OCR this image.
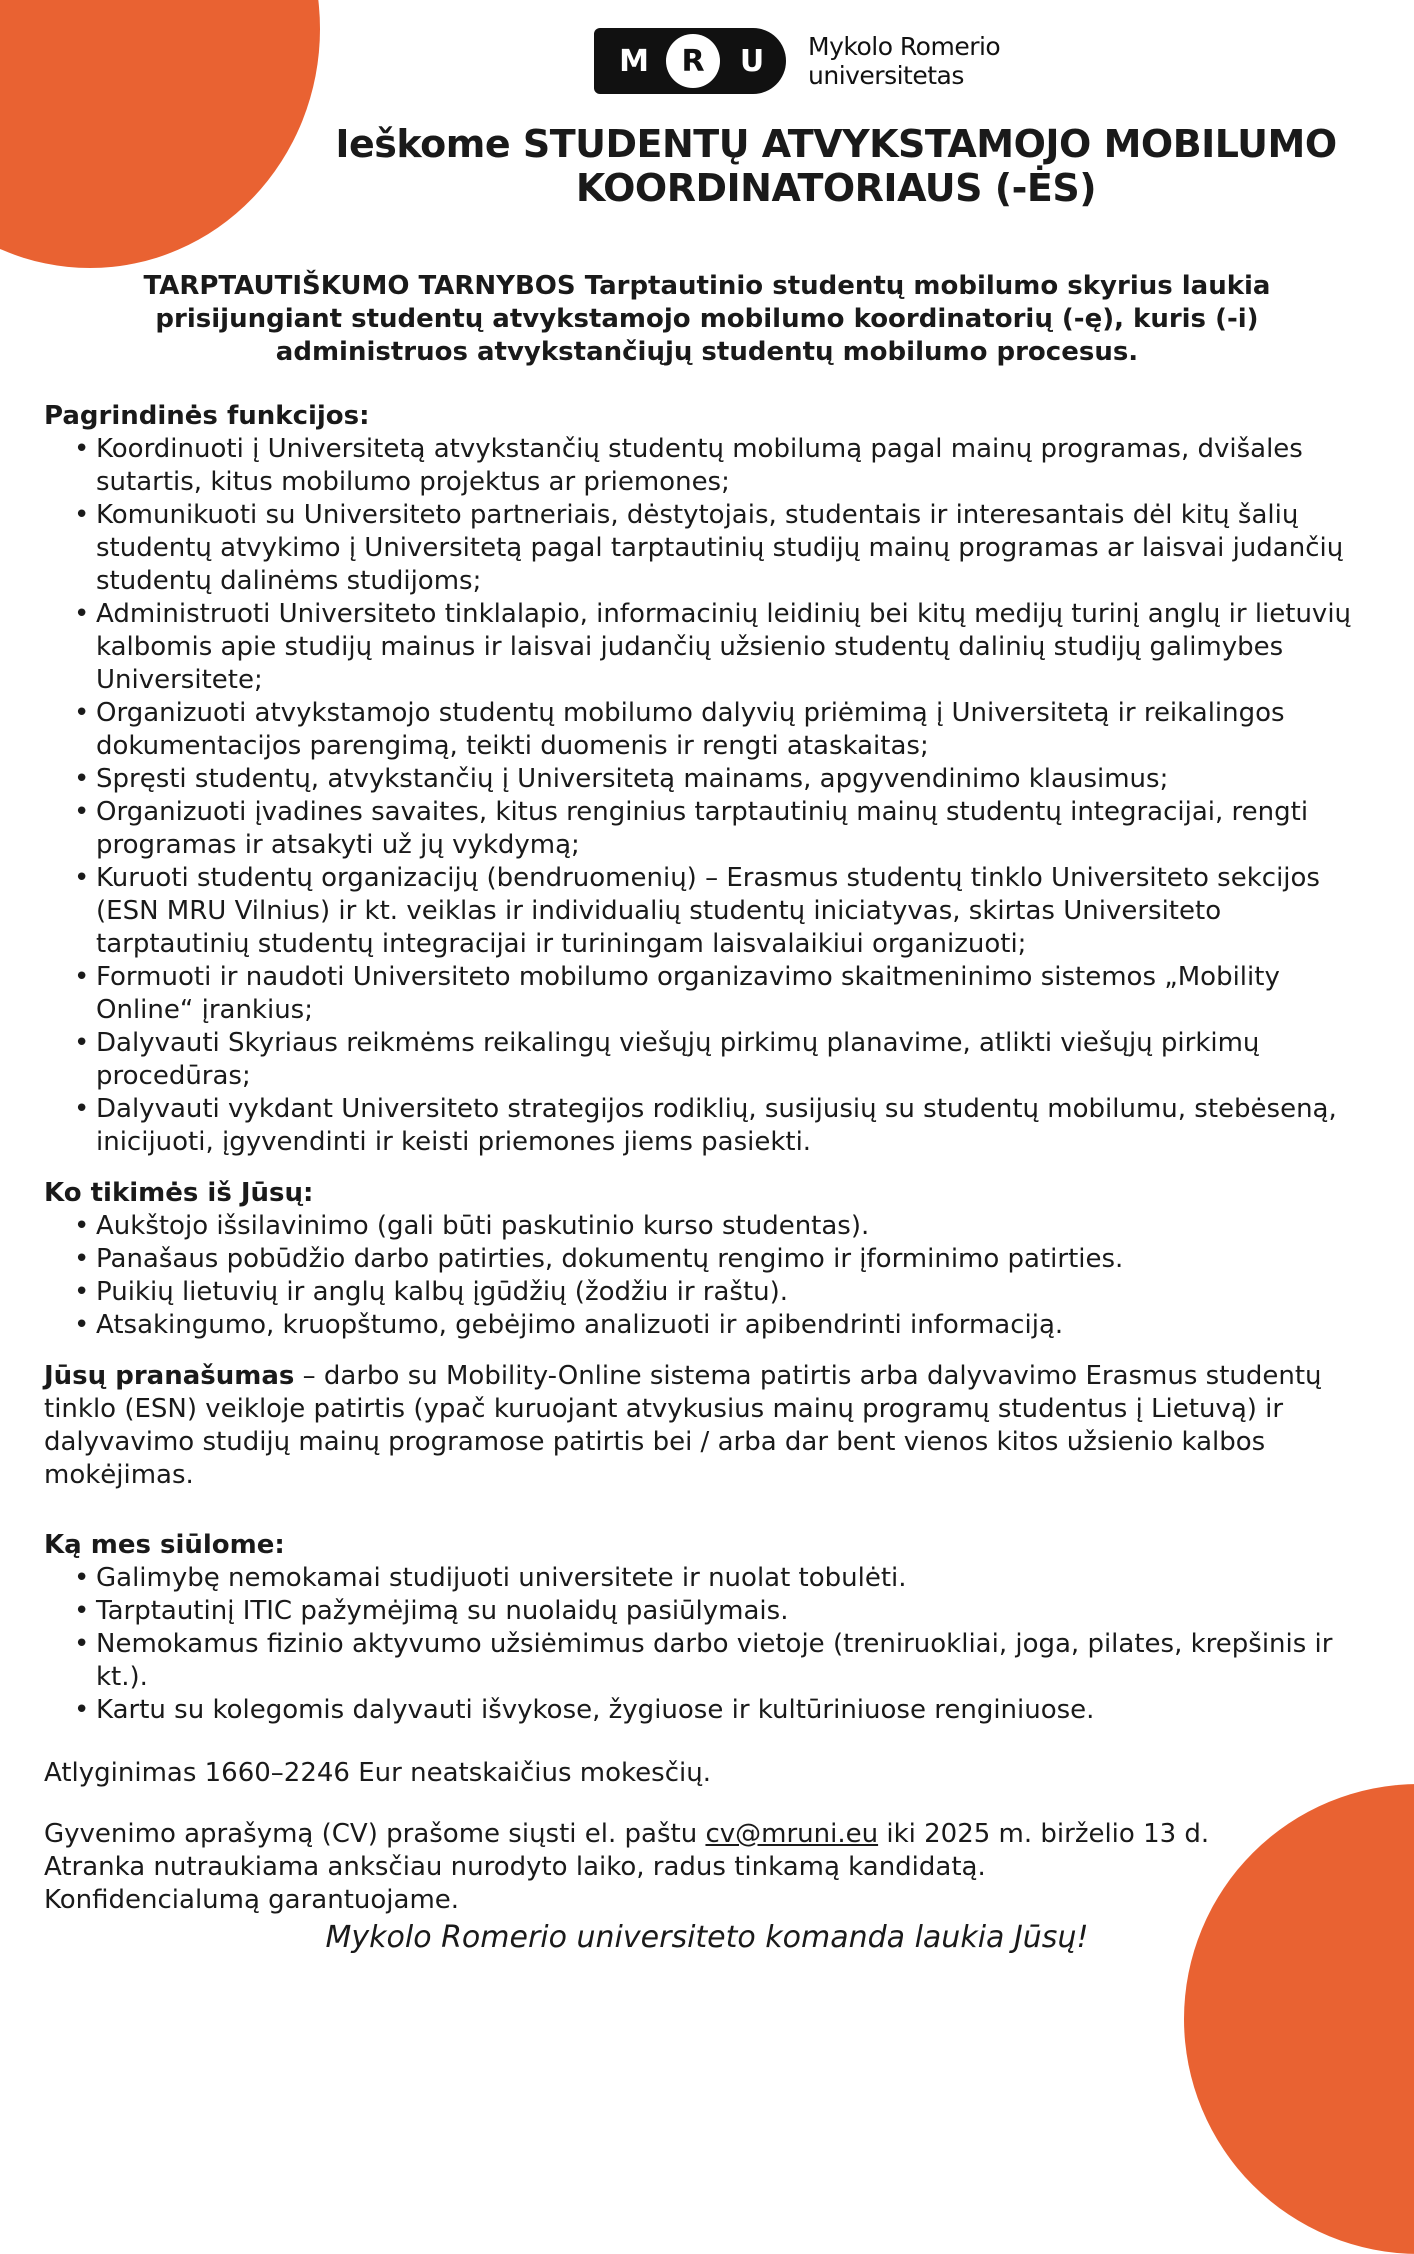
M	R	U	Mykolo Romerio
universitetas
Ieškome STUDENTŲ ATVYKSTAMOJO MOBILUMO
KOORDINATORIAUS (-ĖS)
TARPTAUTIŠKUMO TARNYBOS Tarptautinio studentų mobilumo skyrius laukia
prisijungiant studentų atvykstamojo mobilumo koordinatorių (-ę), kuris (-i)
administruos atvykstančiųjų studentų mobilumo procesus.

Pagrindinės funkcijos:

• Koordinuoti į Universitetą atvykstančių studentų mobilumą pagal mainų programas, dvišales sutartis, kitus mobilumo projektus ar priemones;
• Komunikuoti su Universiteto partneriais, dėstytojais, studentais ir interesantais dėl kitų šalių studentų atvykimo į Universitetą pagal tarptautinių studijų mainų programas ar laisvai judančių studentų dalinėms studijoms;
• Administruoti Universiteto tinklalapio, informacinių leidinių bei kitų medijų turinį anglų ir lietuvių kalbomis apie studijų mainus ir laisvai judančių užsienio studentų dalinių studijų galimybes Universitete;
• Organizuoti atvykstamojo studentų mobilumo dalyvių priėmimą į Universitetą ir reikalingos dokumentacijos parengimą, teikti duomenis ir rengti ataskaitas;
• Spręsti studentų, atvykstančių į Universitetą mainams, apgyvendinimo klausimus;
• Organizuoti įvadines savaites, kitus renginius tarptautinių mainų studentų integracijai, rengti programas ir atsakyti už jų vykdymą;
• Kuruoti studentų organizacijų (bendruomenių) – Erasmus studentų tinklo Universiteto sekcijos (ESN MRU Vilnius) ir kt. veiklas ir individualių studentų iniciatyvas, skirtas Universiteto tarptautinių studentų integracijai ir turiningam laisvalaikiui organizuoti;
• Formuoti ir naudoti Universiteto mobilumo organizavimo skaitmeninimo sistemos „Mobility Online“ įrankius;
• Dalyvauti Skyriaus reikmėms reikalingų viešųjų pirkimų planavime, atlikti viešųjų pirkimų procedūras;
• Dalyvauti vykdant Universiteto strategijos rodiklių, susijusių su studentų mobilumu, stebėseną, inicijuoti, įgyvendinti ir keisti priemones jiems pasiekti.

Ko tikimės iš Jūsų:

• Aukštojo išsilavinimo (gali būti paskutinio kurso studentas).
• Panašaus pobūdžio darbo patirties, dokumentų rengimo ir įforminimo patirties.
• Puikių lietuvių ir anglų kalbų įgūdžių (žodžiu ir raštu).
• Atsakingumo, kruopštumo, gebėjimo analizuoti ir apibendrinti informaciją.
Jūsų pranašumas – darbo su Mobility-Online sistema patirtis arba dalyvavimo Erasmus studentų tinklo (ESN) veikloje patirtis (ypač kuruojant atvykusius mainų programų studentus į Lietuvą) ir dalyvavimo studijų mainų programose patirtis bei / arba dar bent vienos kitos užsienio kalbos mokėjimas.

Ką mes siūlome:

• Galimybę nemokamai studijuoti universitete ir nuolat tobulėti.
• Tarptautinį ITIC pažymėjimą su nuolaidų pasiūlymais.
• Nemokamus fizinio aktyvumo užsiėmimus darbo vietoje (treniruokliai, joga, pilates, krepšinis ir kt.).
• Kartu su kolegomis dalyvauti išvykose, žygiuose ir kultūriniuose renginiuose.
Atlyginimas 1660–2246 Eur neatskaičius mokesčių.
Gyvenimo aprašymą (CV) prašome siųsti el. paštu cv@mruni.eu iki 2025 m. birželio 13 d.
Atranka nutraukiama anksčiau nurodyto laiko, radus tinkamą kandidatą.
Konfidencialumą garantuojame.
Mykolo Romerio universiteto komanda laukia Jūsų!
